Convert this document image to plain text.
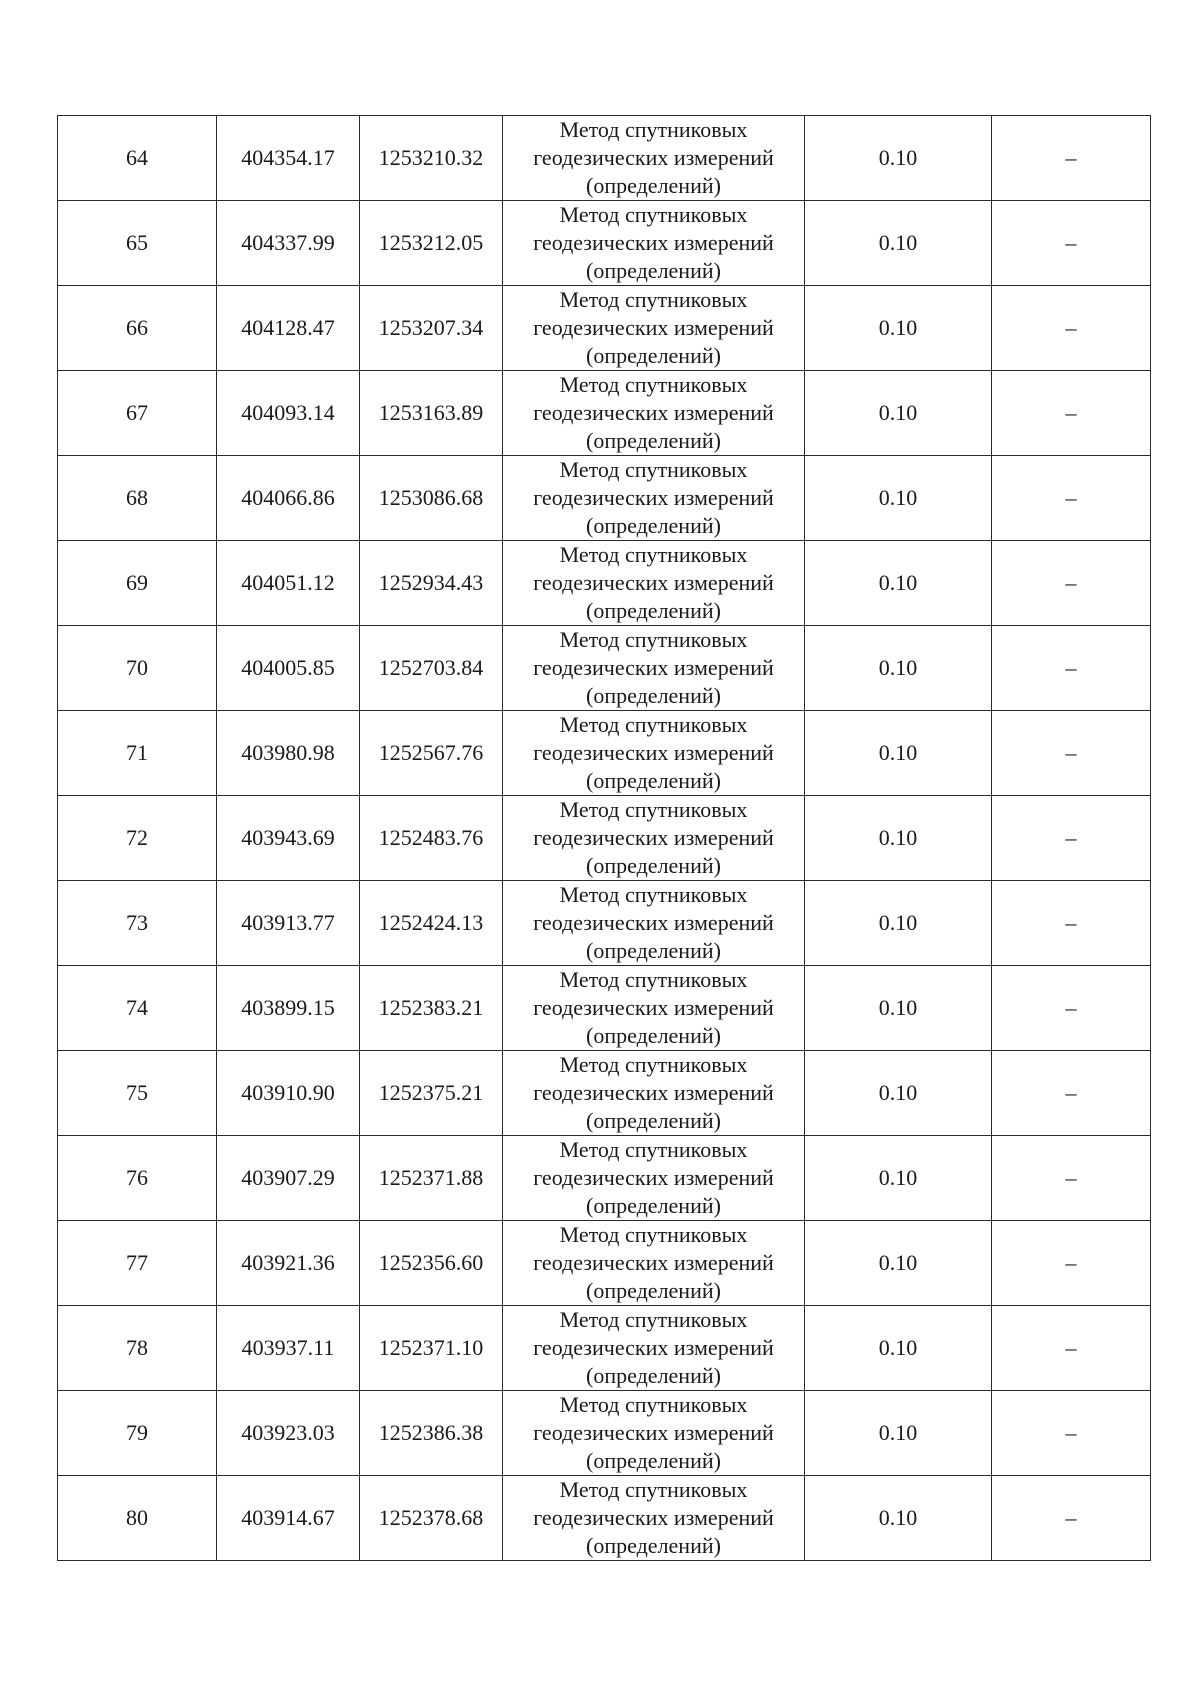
64	404354.17	1253210.32	Метод спутниковых
геодезических измерений
(определений)	0.10	–
65	404337.99	1253212.05	Метод спутниковых
геодезических измерений
(определений)	0.10	–
66	404128.47	1253207.34	Метод спутниковых
геодезических измерений
(определений)	0.10	–
67	404093.14	1253163.89	Метод спутниковых
геодезических измерений
(определений)	0.10	–
68	404066.86	1253086.68	Метод спутниковых
геодезических измерений
(определений)	0.10	–
69	404051.12	1252934.43	Метод спутниковых
геодезических измерений
(определений)	0.10	–
70	404005.85	1252703.84	Метод спутниковых
геодезических измерений
(определений)	0.10	–
71	403980.98	1252567.76	Метод спутниковых
геодезических измерений
(определений)	0.10	–
72	403943.69	1252483.76	Метод спутниковых
геодезических измерений
(определений)	0.10	–
73	403913.77	1252424.13	Метод спутниковых
геодезических измерений
(определений)	0.10	–
74	403899.15	1252383.21	Метод спутниковых
геодезических измерений
(определений)	0.10	–
75	403910.90	1252375.21	Метод спутниковых
геодезических измерений
(определений)	0.10	–
76	403907.29	1252371.88	Метод спутниковых
геодезических измерений
(определений)	0.10	–
77	403921.36	1252356.60	Метод спутниковых
геодезических измерений
(определений)	0.10	–
78	403937.11	1252371.10	Метод спутниковых
геодезических измерений
(определений)	0.10	–
79	403923.03	1252386.38	Метод спутниковых
геодезических измерений
(определений)	0.10	–
80	403914.67	1252378.68	Метод спутниковых
геодезических измерений
(определений)	0.10	–
